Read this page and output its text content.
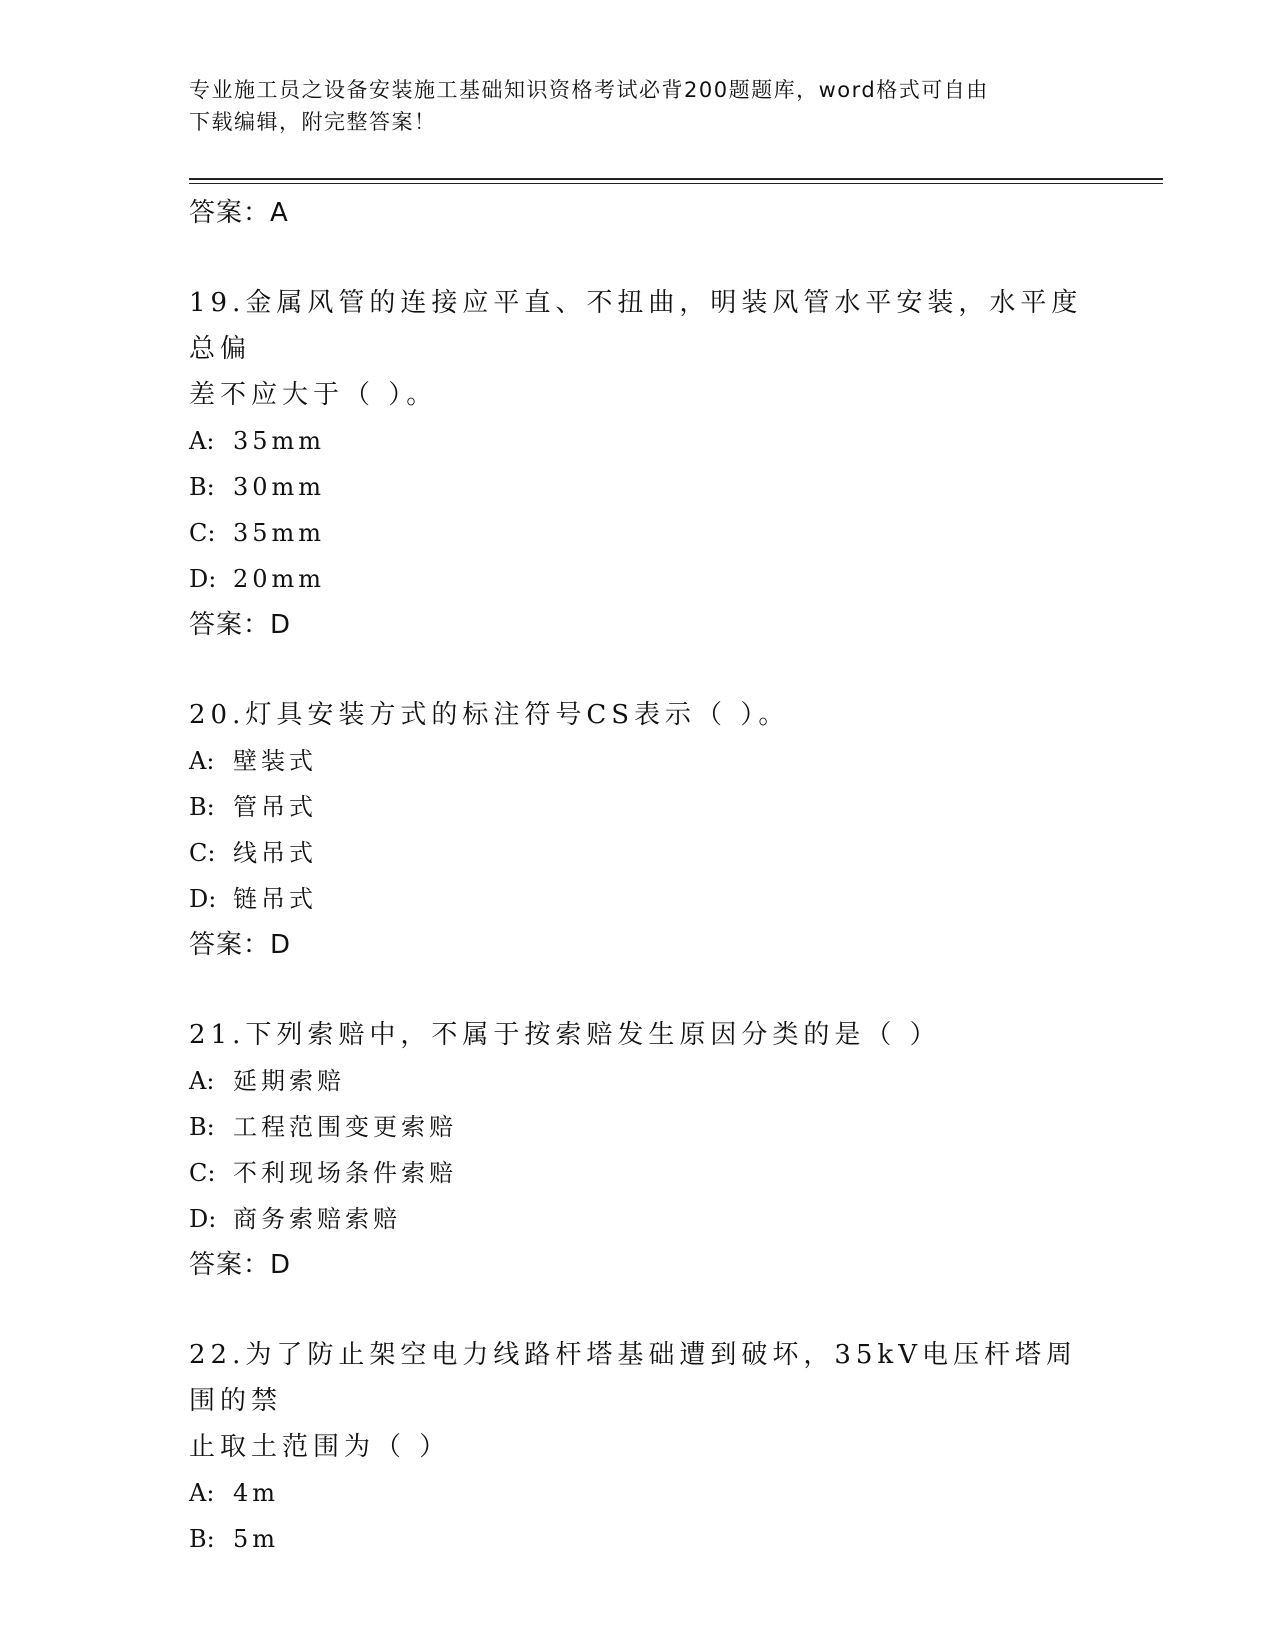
专业施工员之设备安装施工基础知识资格考试必背200题题库，word格式可自由
下载编辑，附完整答案！
答案：A
19.金属风管的连接应平直、不扭曲，明装风管水平安装，水平度总偏
差不应大于（ ）。
A: 35mm
B: 30mm
C: 35mm
D: 20mm
答案：D
20.灯具安装方式的标注符号CS表示（ ）。
A: 壁装式
B: 管吊式
C: 线吊式
D: 链吊式
答案：D
21.下列索赔中，不属于按索赔发生原因分类的是（ ）
A: 延期索赔
B: 工程范围变更索赔
C: 不利现场条件索赔
D: 商务索赔索赔
答案：D
22.为了防止架空电力线路杆塔基础遭到破坏，35kV电压杆塔周围的禁
止取土范围为（ ）
A: 4m
B: 5m
